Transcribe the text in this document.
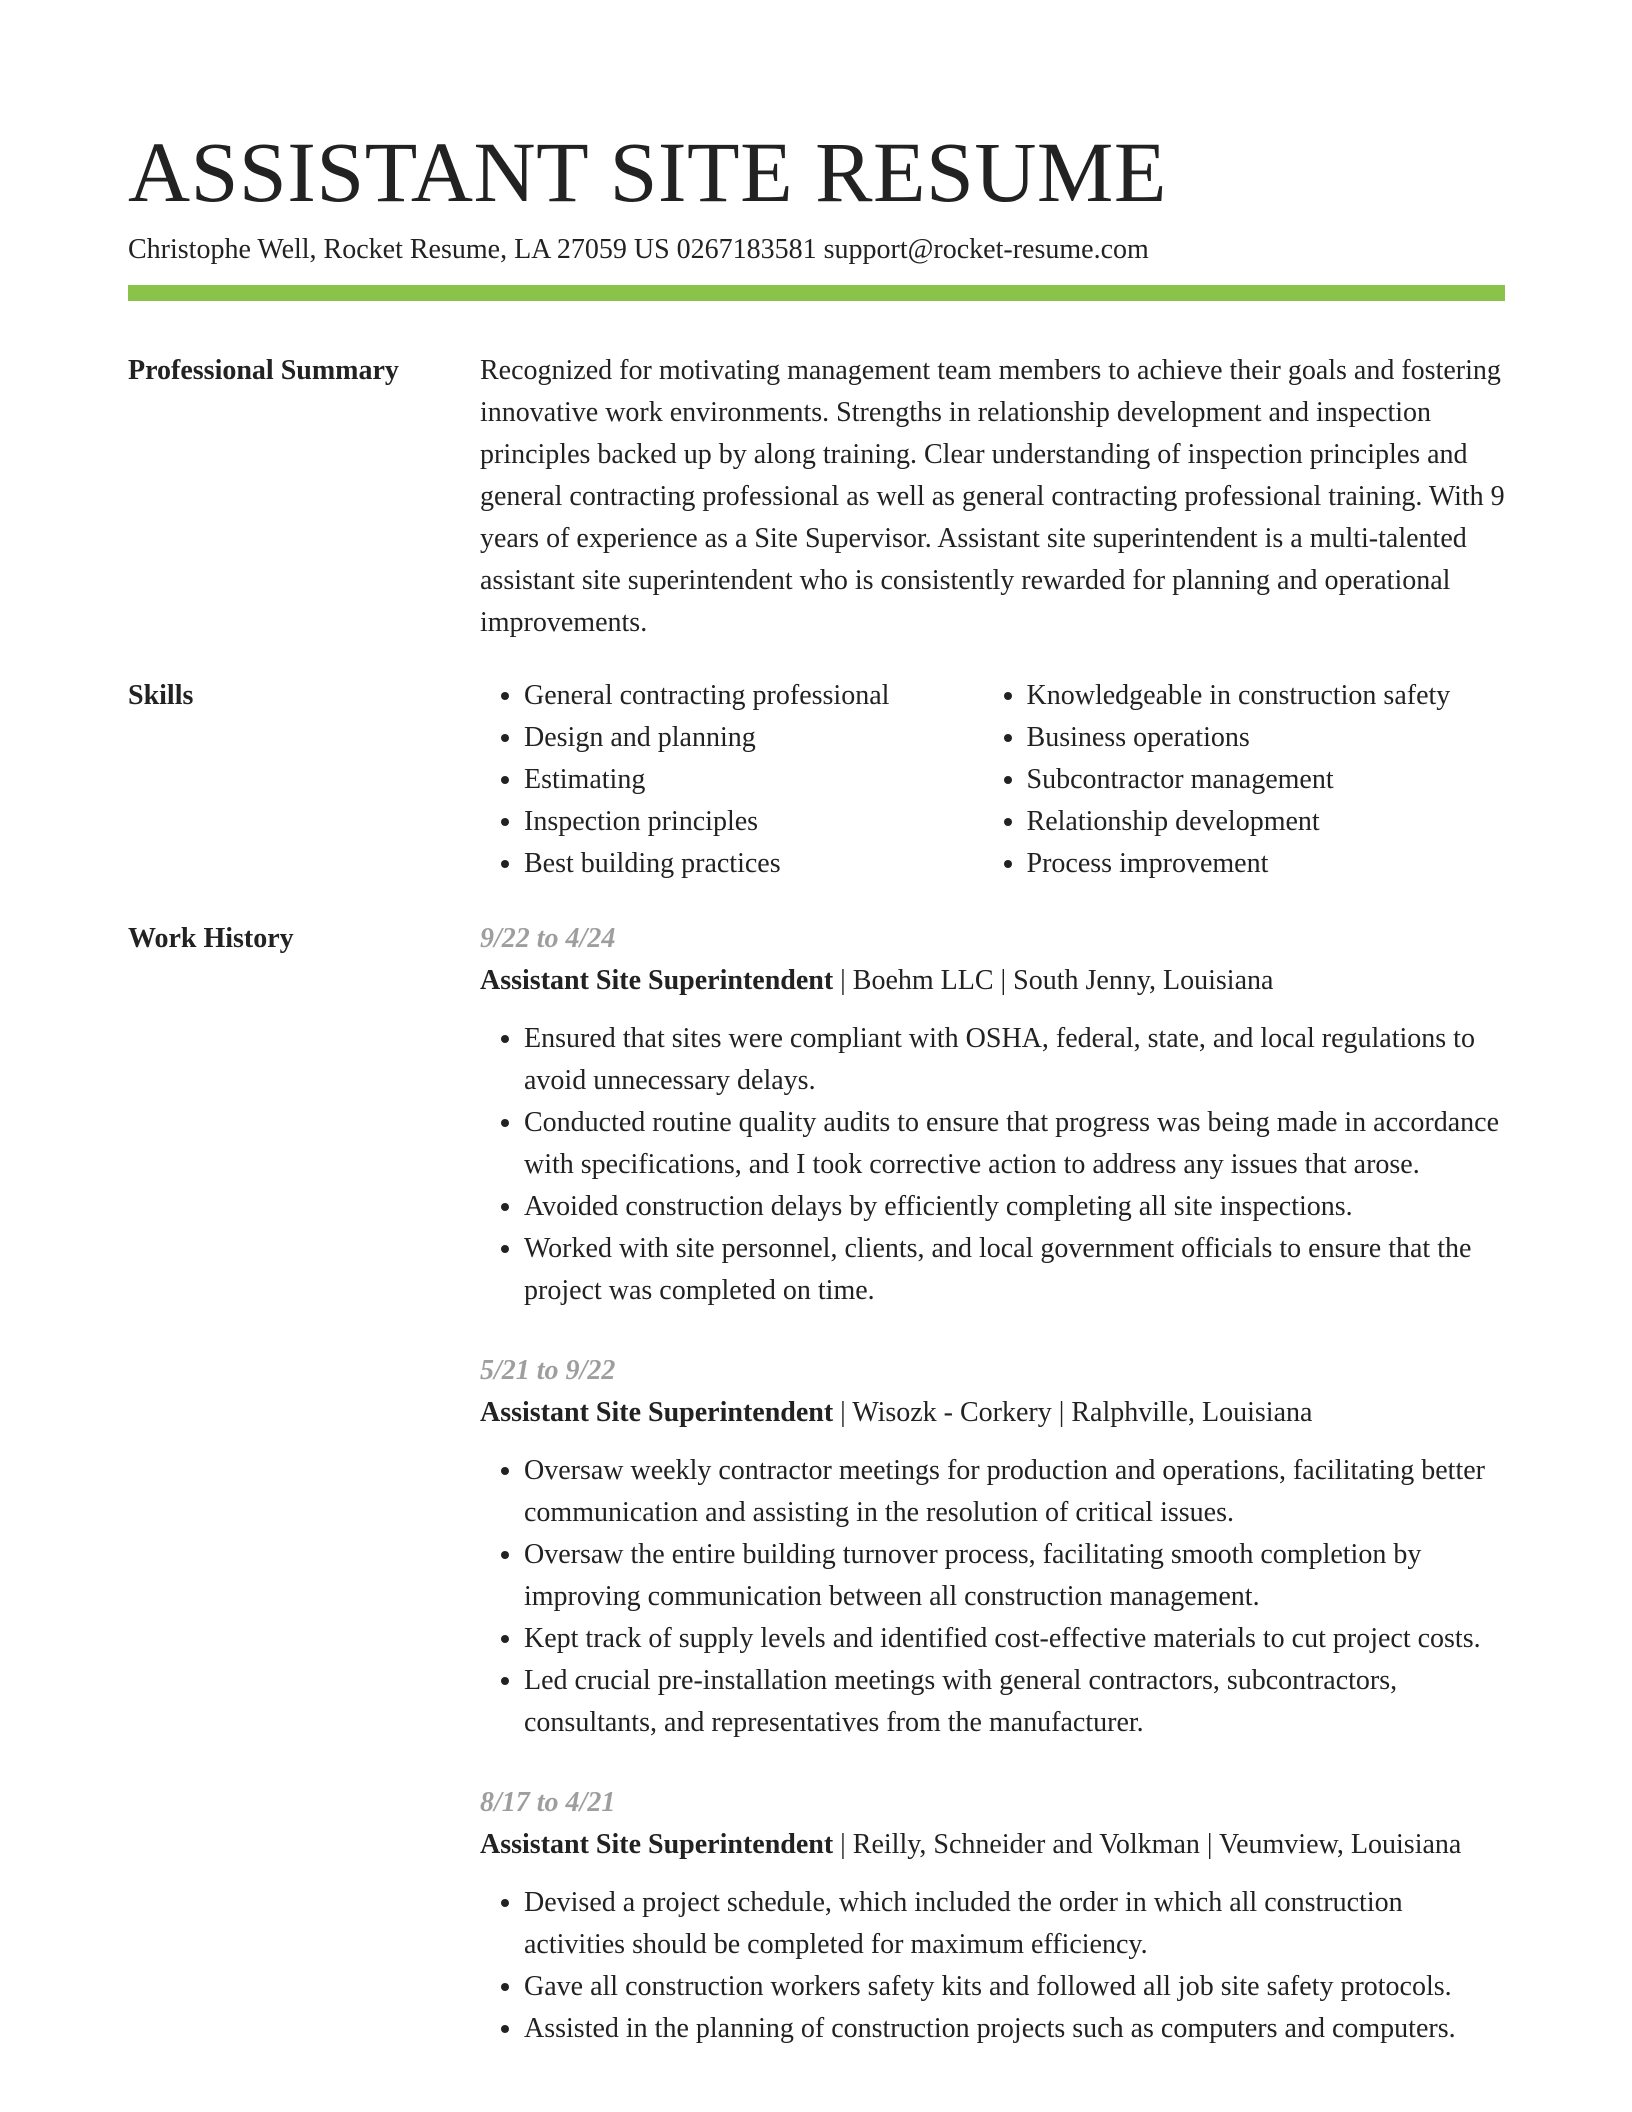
ASSISTANT SITE RESUME
Christophe Well, Rocket Resume, LA 27059 US 0267183581 support@rocket-resume.com
Professional Summary	Recognized for motivating management team members to achieve their goals and fostering innovative work environments. Strengths in relationship development and inspection principles backed up by along training. Clear understanding of inspection principles and general contracting professional as well as general contracting professional training. With 9 years of experience as a Site Supervisor. Assistant site superintendent is a multi-talented assistant site superintendent who is consistently rewarded for planning and operational improvements.

Skills
•	General contracting professional
• Design and planning
• Estimating
• Inspection principles
• Best building practices
• Knowledgeable in construction safety
• Business operations
• Subcontractor management
• Relationship development
• Process improvement
Work History	9/22 to 4/24
Assistant Site Superintendent | Boehm LLC | South Jenny, Louisiana
• Ensured that sites were compliant with OSHA, federal, state, and local regulations to avoid unnecessary delays.
• Conducted routine quality audits to ensure that progress was being made in accordance with specifications, and I took corrective action to address any issues that arose.
• Avoided construction delays by efficiently completing all site inspections.
• Worked with site personnel, clients, and local government officials to ensure that the project was completed on time.
5/21 to 9/22
Assistant Site Superintendent | Wisozk - Corkery | Ralphville, Louisiana
• Oversaw weekly contractor meetings for production and operations, facilitating better communication and assisting in the resolution of critical issues.
• Oversaw the entire building turnover process, facilitating smooth completion by improving communication between all construction management.
• Kept track of supply levels and identified cost-effective materials to cut project costs.
• Led crucial pre-installation meetings with general contractors, subcontractors, consultants, and representatives from the manufacturer.
8/17 to 4/21
Assistant Site Superintendent | Reilly, Schneider and Volkman | Veumview, Louisiana
• Devised a project schedule, which included the order in which all construction activities should be completed for maximum efficiency.
• Gave all construction workers safety kits and followed all job site safety protocols.
• Assisted in the planning of construction projects such as computers and computers.
